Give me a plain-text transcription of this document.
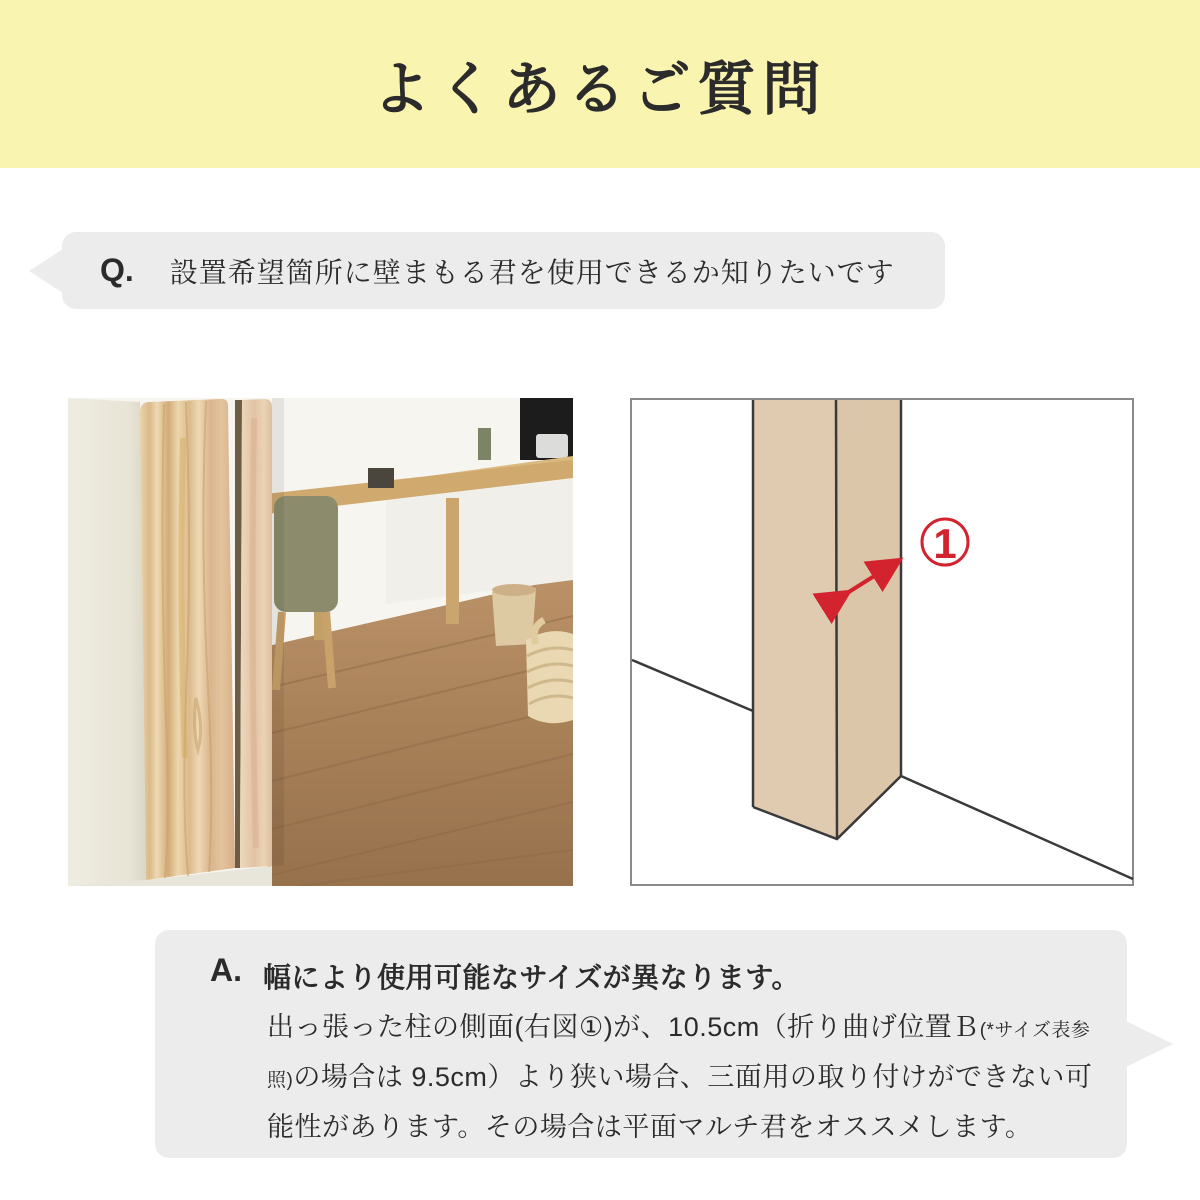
よくあるご質問
Q. 設置希望箇所に壁まもる君を使用できるか知りたいです
1
A. 幅により使用可能なサイズが異なります。

出っ張った柱の側面(右図①)が、10.5cm（折り曲げ位置Ｂ(*サイズ表参照)の場合は 9.5cm）より狭い場合、三面用の取り付けができない可能性があります。その場合は平面マルチ君をオススメします。
